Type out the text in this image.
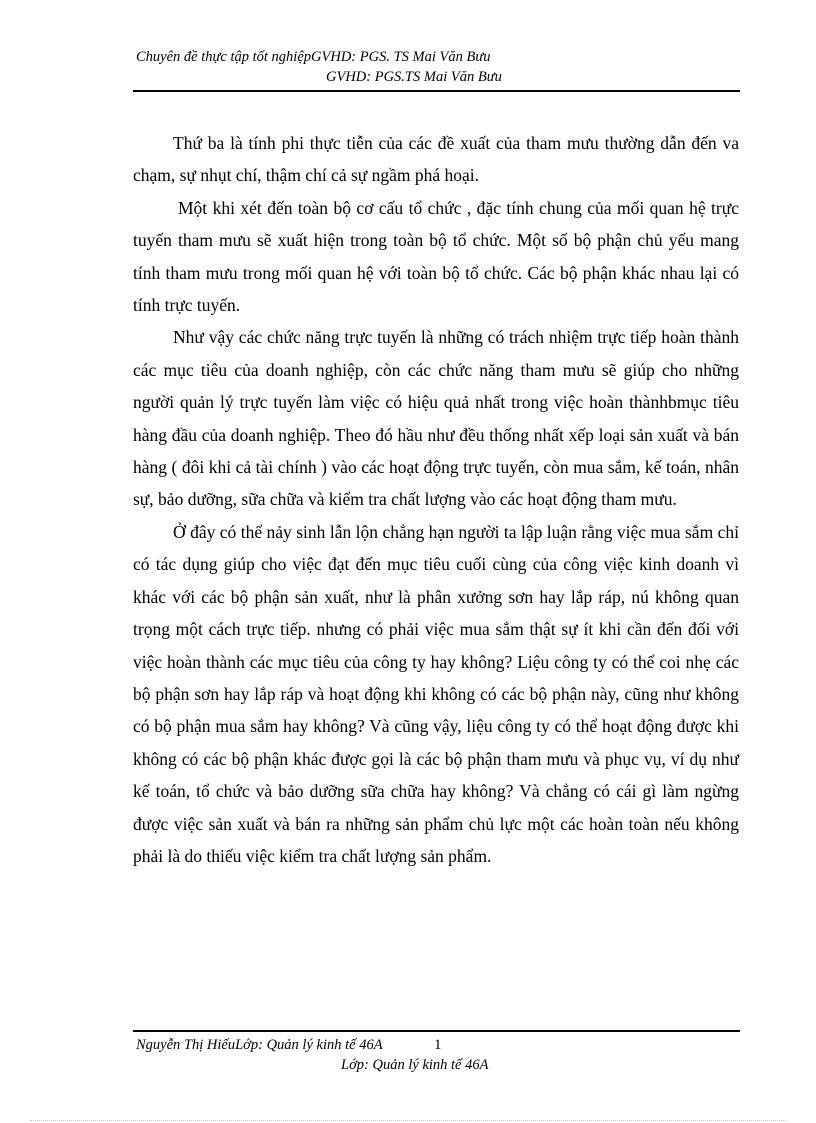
Chuyên đề thực tập tốt nghiệpGVHD: PGS. TS Mai Văn Bưu
GVHD: PGS.TS Mai Văn Bưu

Thứ ba là tính phi thực tiễn của các đề xuất của tham mưu thường dẫn đến va chạm, sự nhụt chí, thậm chí cả sự ngầm phá hoại.

Một khi xét đến toàn bộ cơ cấu tổ chức , đặc tính chung của mối quan hệ trực tuyến tham mưu sẽ xuất hiện trong toàn bộ tổ chức. Một số bộ phận chủ yếu mang tính tham mưu trong mối quan hệ với toàn bộ tổ chức. Các bộ phận khác nhau lại có tính trực tuyến.

Như vậy các chức năng trực tuyến là những có trách nhiệm trực tiếp hoàn thành các mục tiêu của doanh nghiệp, còn các chức năng tham mưu sẽ giúp cho những người quản lý trực tuyến làm việc có hiệu quả nhất trong việc hoàn thànhbmục tiêu hàng đầu của doanh nghiệp. Theo đó hầu như đều thống nhất xếp loại sản xuất và bán hàng ( đôi khi cả tài chính ) vào các hoạt động trực tuyến, còn mua sắm, kế toán, nhân sự, bảo dưỡng, sữa chữa và kiểm tra chất lượng vào các hoạt động tham mưu.

Ở đây có thể nảy sinh lẫn lộn chẳng hạn người ta lập luận rằng việc mua sắm chỉ có tác dụng giúp cho việc đạt đến mục tiêu cuối cùng của công việc kinh doanh vì khác với các bộ phận sản xuất, như là phân xưởng sơn hay lắp ráp, nú không quan trọng một cách trực tiếp. nhưng có phải việc mua sắm thật sự ít khi cần đến đối với việc hoàn thành các mục tiêu của công ty hay không? Liệu công ty có thể coi nhẹ các bộ phận sơn hay lắp ráp và hoạt động khi không có các bộ phận này, cũng như không có bộ phận mua sắm hay không? Và cũng vậy, liệu công ty có thể hoạt động được khi không có các bộ phận khác được gọi là các bộ phận tham mưu và phục vụ, ví dụ như kế toán, tổ chức và bảo dưỡng sữa chữa hay không? Và chẳng có cái gì làm ngừng được việc sản xuất và bán ra những sản phẩm chủ lực một các hoàn toàn nếu không phải là do thiếu việc kiểm tra chất lượng sản phẩm.

Nguyễn Thị HiếuLớp: Quản lý kinh tế 46A	1
Lớp: Quản lý kinh tế 46A
